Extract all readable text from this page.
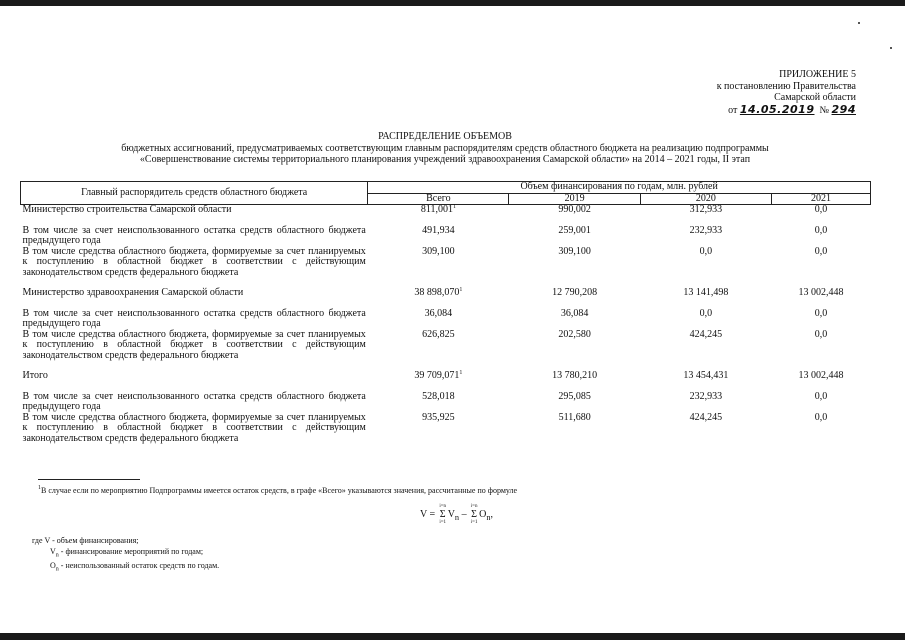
ПРИЛОЖЕНИЕ 5
к постановлению Правительства
Самарской области
от 14.05.2019 № 294
РАСПРЕДЕЛЕНИЕ ОБЪЕМОВ
бюджетных ассигнований, предусматриваемых соответствующим главным распорядителям средств областного бюджета на реализацию подпрограммы
«Совершенствование системы территориального планирования учреждений здравоохранения Самарской области» на 2014 – 2021 годы, II этап
Главный распорядитель средств областного бюджета	Объем финансирования по годам, млн. рублей			
	Всего	2019	2020	2021
Министерство строительства Самарской области	811,001$^1$	990,002	312,933	0,0

В том числе за счет неиспользованного остатка средств областного бюджета предыдущего года	491,934	259,001	232,933	0,0
В том числе средства областного бюджета, формируемые за счет планируемых к поступлению в областной бюджет в соответствии с действующим законодательством средств федерального бюджета	309,100	309,100	0,0	0,0

Министерство здравоохранения Самарской области	38 898,070$^1$	12 790,208	13 141,498	13 002,448

В том числе за счет неиспользованного остатка средств областного бюджета предыдущего года	36,084	36,084	0,0	0,0
В том числе средства областного бюджета, формируемые за счет планируемых к поступлению в областной бюджет в соответствии с действующим законодательством средств федерального бюджета	626,825	202,580	424,245	0,0

Итого	39 709,071$^1$	13 780,210	13 454,431	13 002,448

В том числе за счет неиспользованного остатка средств областного бюджета предыдущего года	528,018	295,085	232,933	0,0
В том числе средства областного бюджета, формируемые за счет планируемых к поступлению в областной бюджет в соответствии с действующим законодательством средств федерального бюджета	935,925	511,680	424,245	0,0
$^1$В случае если по мероприятию Подпрограммы имеется остаток средств, в графе «Всего» указываются значения, рассчитанные по формуле
V =
i=n
Σ
i=1
$V_n$ –
i=n
Σ
i=1
$O_n$,
где V - объем финансирования;
$V_n$ - финансирование мероприятий по годам;
$O_n$ - неиспользованный остаток средств по годам.
